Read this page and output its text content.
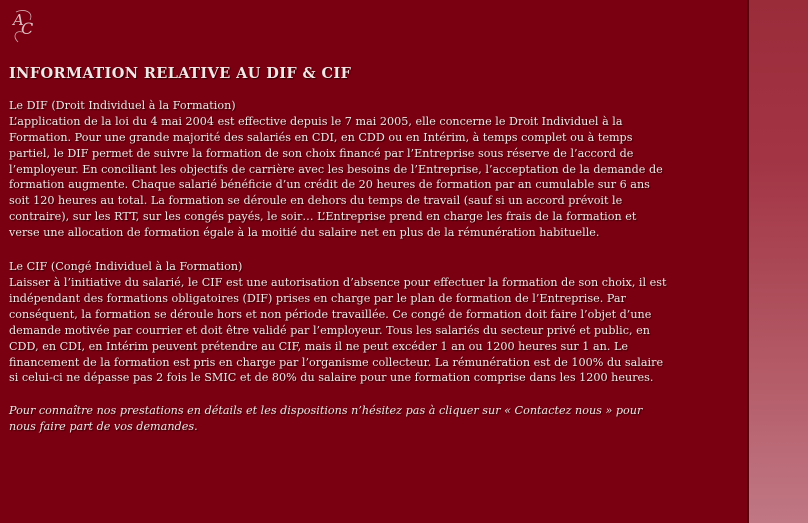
A
C
INFORMATION RELATIVE AU DIF & CIF
Le DIF (Droit Individuel à la Formation)
L’application de la loi du 4 mai 2004 est effective depuis le 7 mai 2005, elle concerne le Droit Individuel à la Formation. Pour une grande majorité des salariés en CDI, en CDD ou en Intérim, à temps complet ou à temps partiel, le DIF permet de suivre la formation de son choix financé par l’Entreprise sous réserve de l’accord de l’employeur. En conciliant les objectifs de carrière avec les besoins de l’Entreprise, l’acceptation de la demande de formation augmente. Chaque salarié bénéficie d’un crédit de 20 heures de formation par an cumulable sur 6 ans soit 120 heures au total. La formation se déroule en dehors du temps de travail (sauf si un accord prévoit le contraire), sur les RTT, sur les congés payés, le soir… L’Entreprise prend en charge les frais de la formation et verse une allocation de formation égale à la moitié du salaire net en plus de la rémunération habituelle.
Le CIF (Congé Individuel à la Formation)
Laisser à l’initiative du salarié, le CIF est une autorisation d’absence pour effectuer la formation de son choix, il est indépendant des formations obligatoires (DIF) prises en charge par le plan de formation de l’Entreprise. Par conséquent, la formation se déroule hors et non période travaillée. Ce congé de formation doit faire l’objet d’une demande motivée par courrier et doit être validé par l’employeur. Tous les salariés du secteur privé et public, en CDD, en CDI, en Intérim peuvent prétendre au CIF, mais il ne peut excéder 1 an ou 1200 heures sur 1 an. Le financement de la formation est pris en charge par l’organisme collecteur. La rémunération est de 100% du salaire si celui-ci ne dépasse pas 2 fois le SMIC et de 80% du salaire pour une formation comprise dans les 1200 heures.
Pour connaître nos prestations en détails et les dispositions n’hésitez pas à cliquer sur « Contactez nous » pour nous faire part de vos demandes.
